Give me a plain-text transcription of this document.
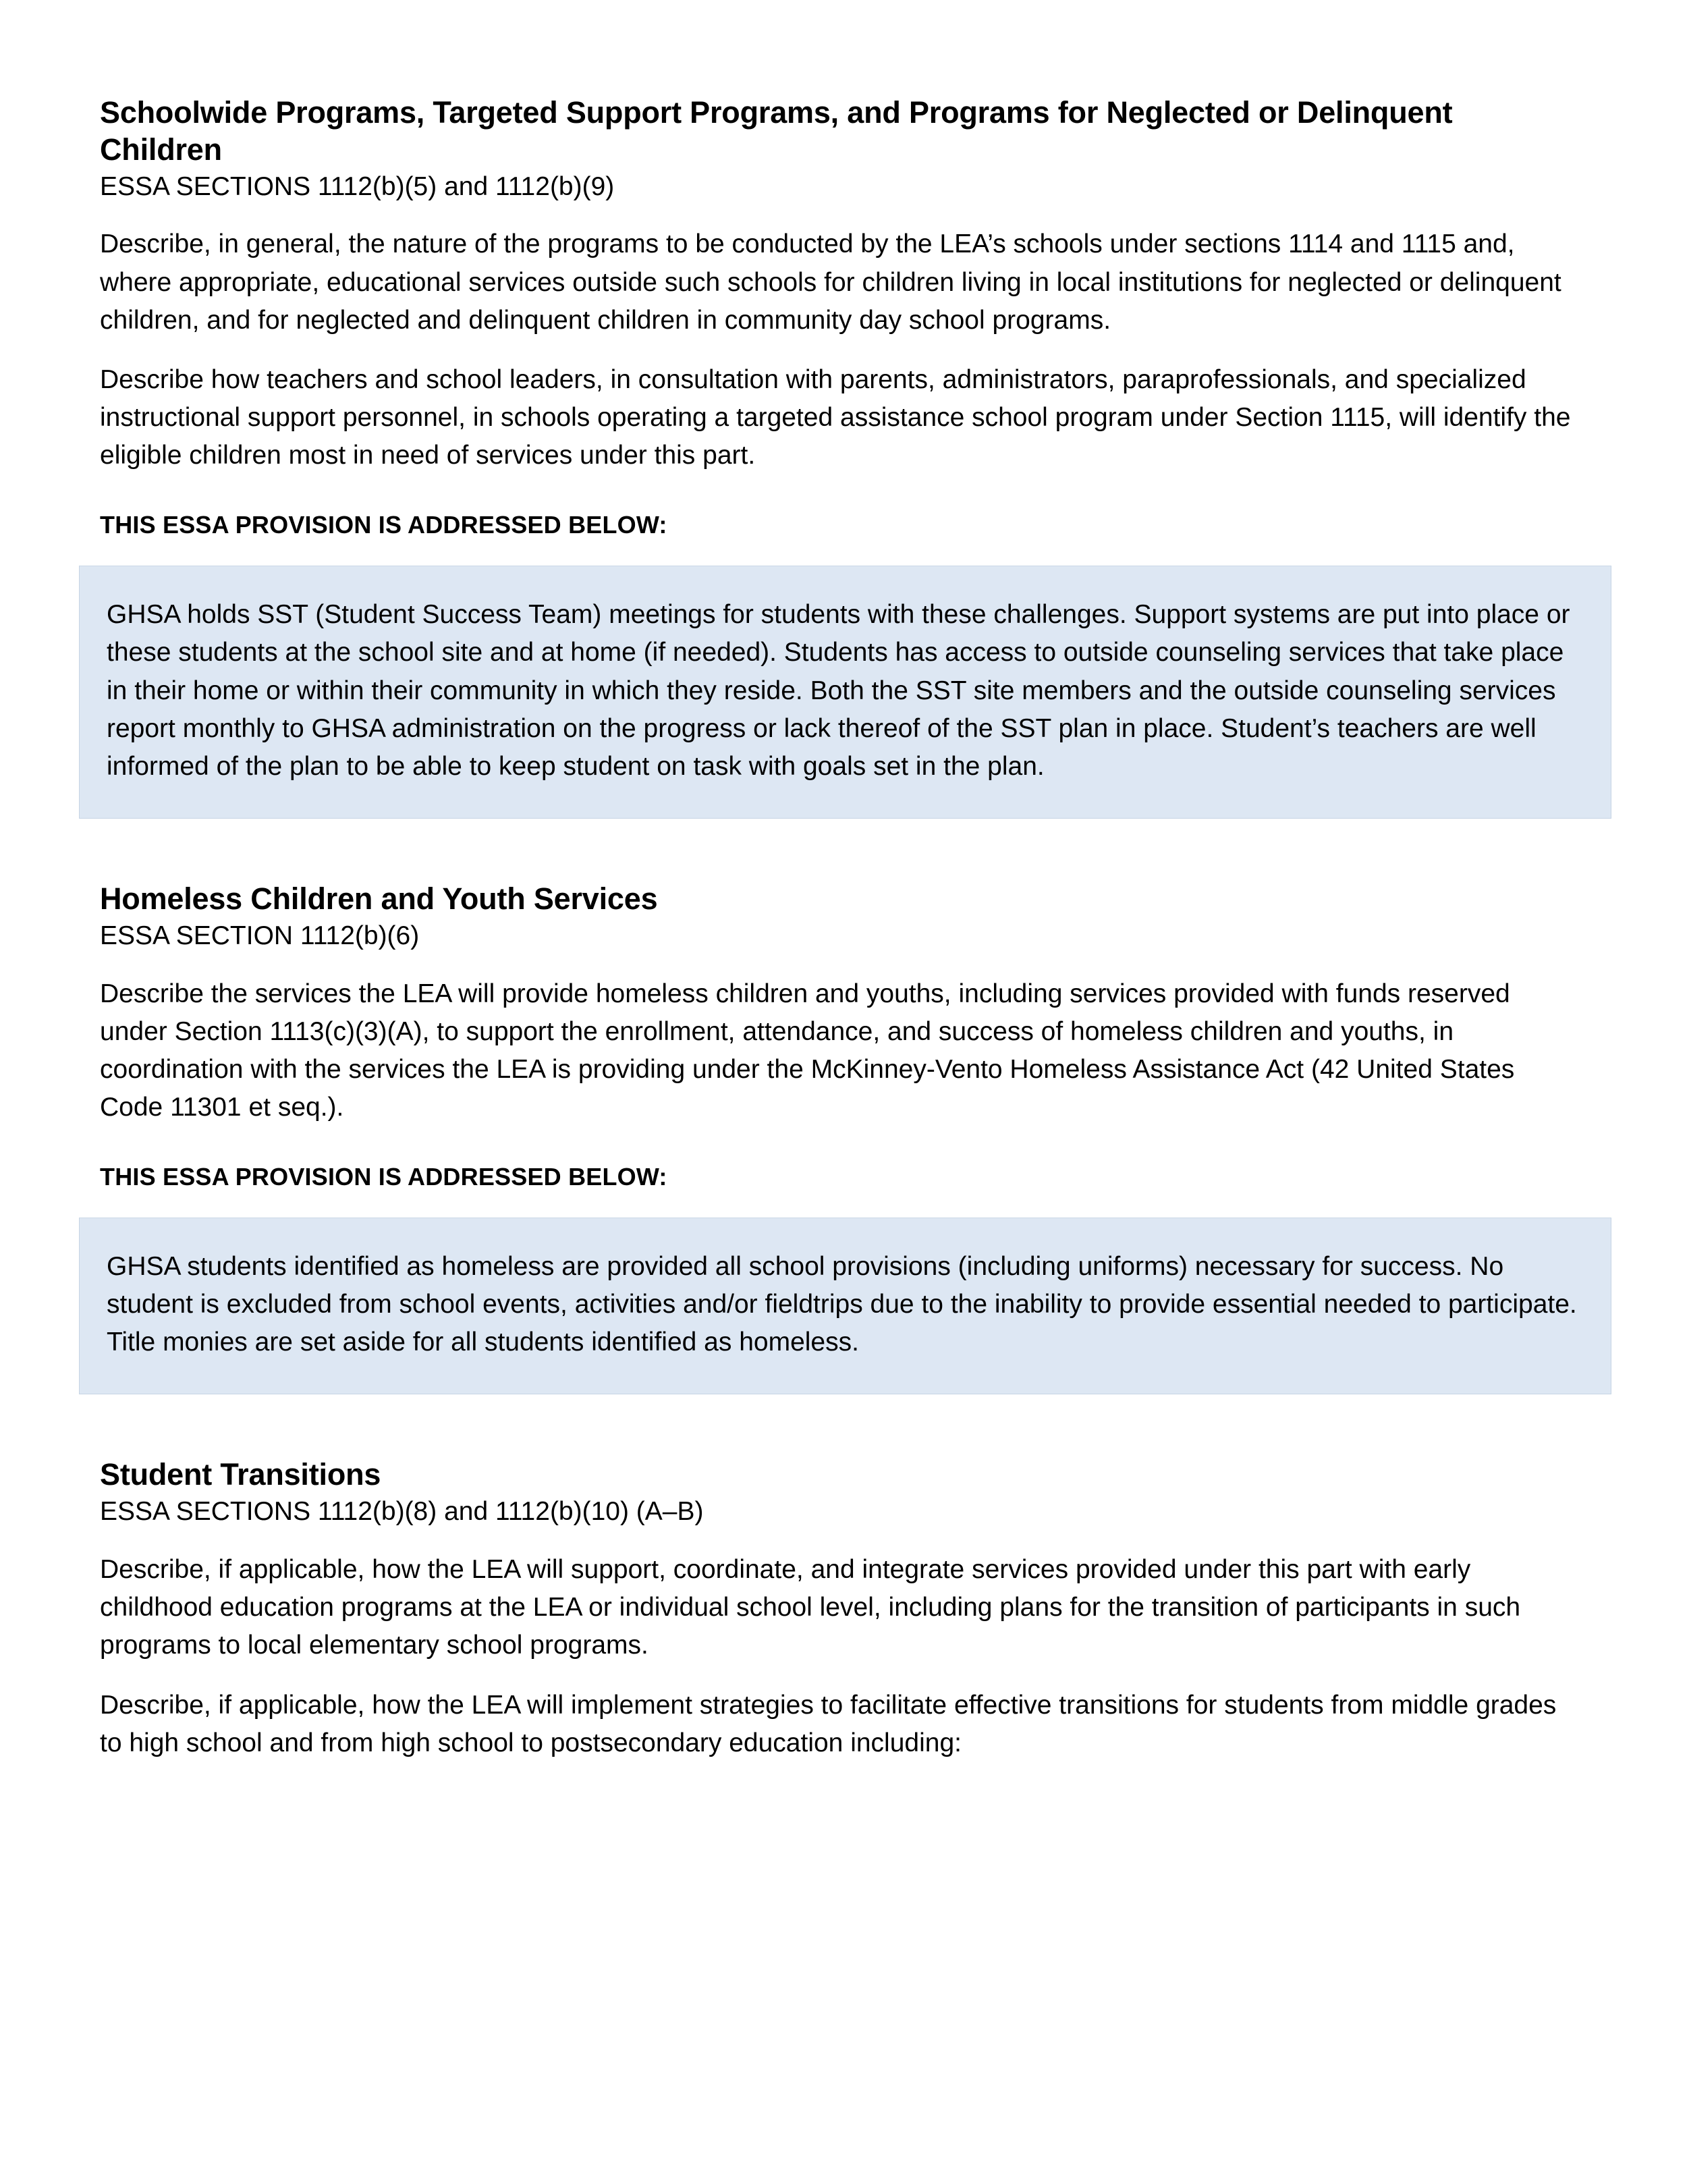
Schoolwide Programs, Targeted Support Programs, and Programs for Neglected or Delinquent Children
ESSA SECTIONS 1112(b)(5) and 1112(b)(9)

Describe, in general, the nature of the programs to be conducted by the LEA’s schools under sections 1114 and 1115 and, where appropriate, educational services outside such schools for children living in local institutions for neglected or delinquent children, and for neglected and delinquent children in community day school programs.

Describe how teachers and school leaders, in consultation with parents, administrators, paraprofessionals, and specialized instructional support personnel, in schools operating a targeted assistance school program under Section 1115, will identify the eligible children most in need of services under this part.

THIS ESSA PROVISION IS ADDRESSED BELOW:

GHSA holds SST (Student Success Team) meetings for students with these challenges. Support systems are put into place or these students at the school site and at home (if needed). Students has access to outside counseling services that take place in their home or within their community in which they reside. Both the SST site members and the outside counseling services report monthly to GHSA administration on the progress or lack thereof of the SST plan in place. Student’s teachers are well informed of the plan to be able to keep student on task with goals set in the plan.

Homeless Children and Youth Services
ESSA SECTION 1112(b)(6)

Describe the services the LEA will provide homeless children and youths, including services provided with funds reserved under Section 1113(c)(3)(A), to support the enrollment, attendance, and success of homeless children and youths, in coordination with the services the LEA is providing under the McKinney-Vento Homeless Assistance Act (42 United States Code 11301 et seq.).

THIS ESSA PROVISION IS ADDRESSED BELOW:

GHSA students identified as homeless are provided all school provisions (including uniforms) necessary for success. No student is excluded from school events, activities and/or fieldtrips due to the inability to provide essential needed to participate. Title monies are set aside for all students identified as homeless.

Student Transitions
ESSA SECTIONS 1112(b)(8) and 1112(b)(10) (A–B)

Describe, if applicable, how the LEA will support, coordinate, and integrate services provided under this part with early childhood education programs at the LEA or individual school level, including plans for the transition of participants in such programs to local elementary school programs.

Describe, if applicable, how the LEA will implement strategies to facilitate effective transitions for students from middle grades to high school and from high school to postsecondary education including:
